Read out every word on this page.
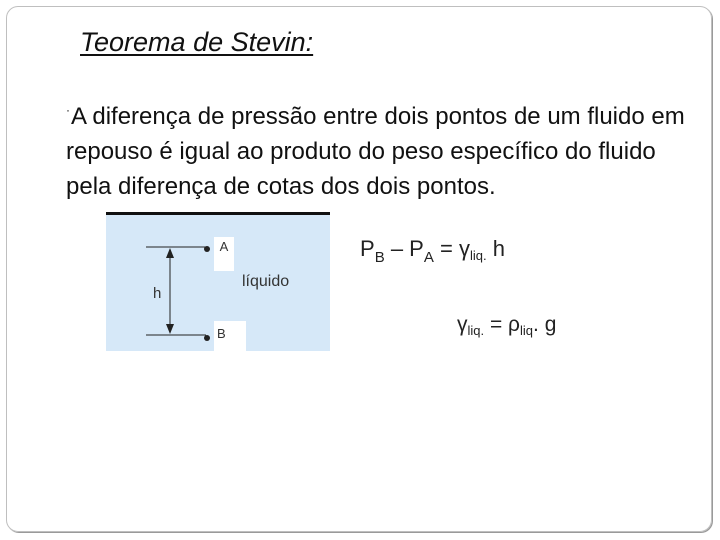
Teorema de Stevin:

·A diferença de pressão entre dois pontos de um fluido em repouso é igual ao produto do peso específico do fluido pela diferença de cotas dos dois pontos.

A
B
h
líquido
$P_B - P_A = \gamma liq$. h
γliq. = ρliq. g
